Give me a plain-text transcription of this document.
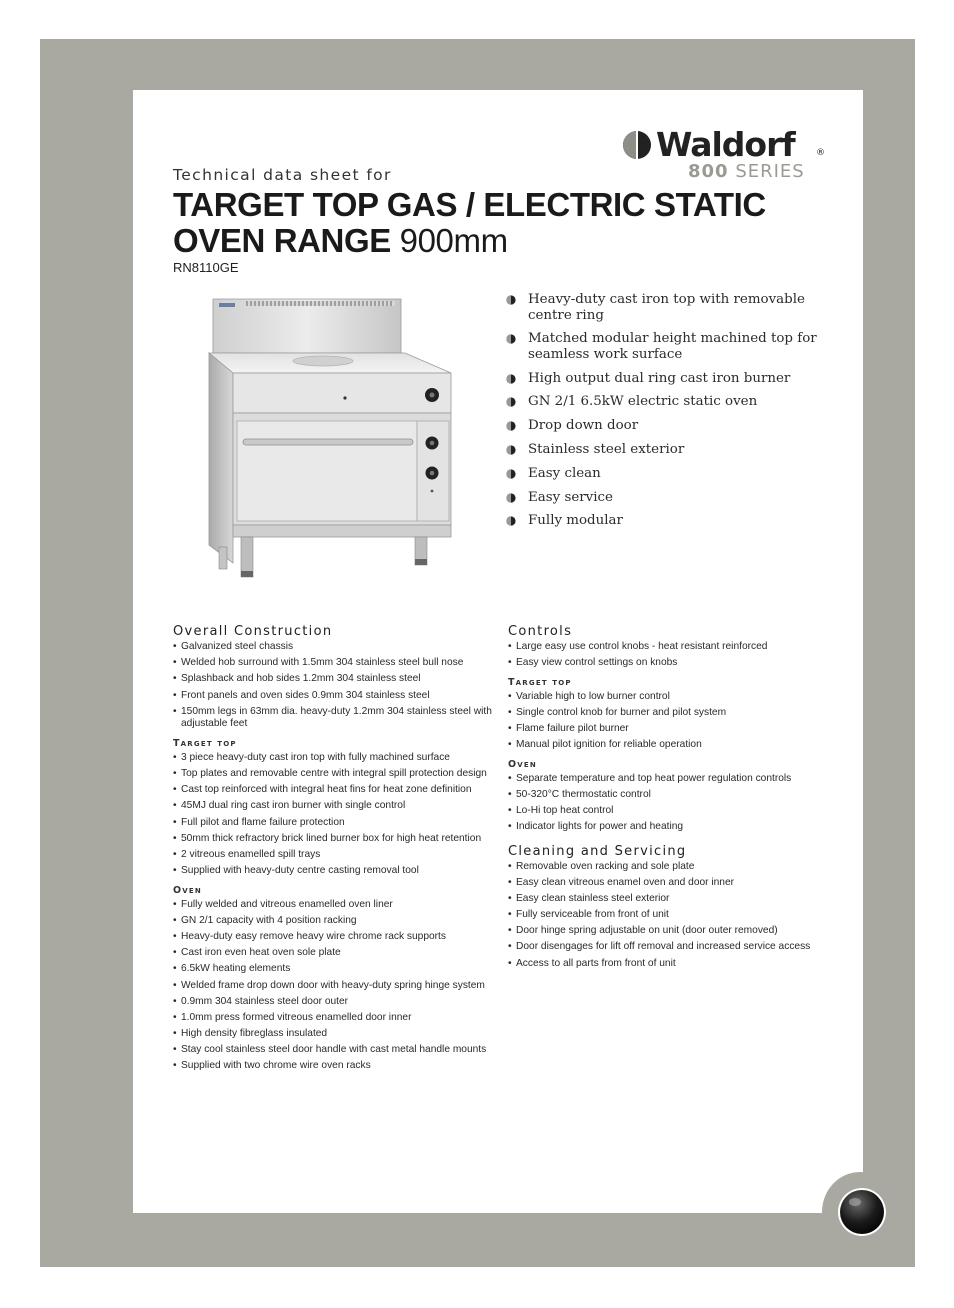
Waldorf ®
800 SERIES
Technical data sheet for
TARGET TOP GAS / ELECTRIC STATIC OVEN RANGE 900mm
RN8110GE
Heavy-duty cast iron top with removable centre ring
Matched modular height machined top for seamless work surface
High output dual ring cast iron burner
GN 2/1 6.5kW electric static oven
Drop down door
Stainless steel exterior
Easy clean
Easy service
Fully modular
Overall Construction
• Galvanized steel chassis
• Welded hob surround with 1.5mm 304 stainless steel bull nose
• Splashback and hob sides 1.2mm 304 stainless steel
• Front panels and oven sides 0.9mm 304 stainless steel
• 150mm legs in 63mm dia. heavy-duty 1.2mm 304 stainless steel with adjustable feet
Target top
• 3 piece heavy-duty cast iron top with fully machined surface
• Top plates and removable centre with integral spill protection design
• Cast top reinforced with integral heat fins for heat zone definition
• 45MJ dual ring cast iron burner with single control
• Full pilot and flame failure protection
• 50mm thick refractory brick lined burner box for high heat retention
• 2 vitreous enamelled spill trays
• Supplied with heavy-duty centre casting removal tool
Oven
• Fully welded and vitreous enamelled oven liner
• GN 2/1 capacity with 4 position racking
• Heavy-duty easy remove heavy wire chrome rack supports
• Cast iron even heat oven sole plate
• 6.5kW heating elements
• Welded frame drop down door with heavy-duty spring hinge system
• 0.9mm 304 stainless steel door outer
• 1.0mm press formed vitreous enamelled door inner
• High density fibreglass insulated
• Stay cool stainless steel door handle with cast metal handle mounts
• Supplied with two chrome wire oven racks
Controls
• Large easy use control knobs - heat resistant reinforced
• Easy view control settings on knobs
Target top
• Variable high to low burner control
• Single control knob for burner and pilot system
• Flame failure pilot burner
• Manual pilot ignition for reliable operation
Oven
• Separate temperature and top heat power regulation controls
• 50-320°C thermostatic control
• Lo-Hi top heat control
• Indicator lights for power and heating
Cleaning and Servicing
• Removable oven racking and sole plate
• Easy clean vitreous enamel oven and door inner
• Easy clean stainless steel exterior
• Fully serviceable from front of unit
• Door hinge spring adjustable on unit (door outer removed)
• Door disengages for lift off removal and increased service access
• Access to all parts from front of unit
